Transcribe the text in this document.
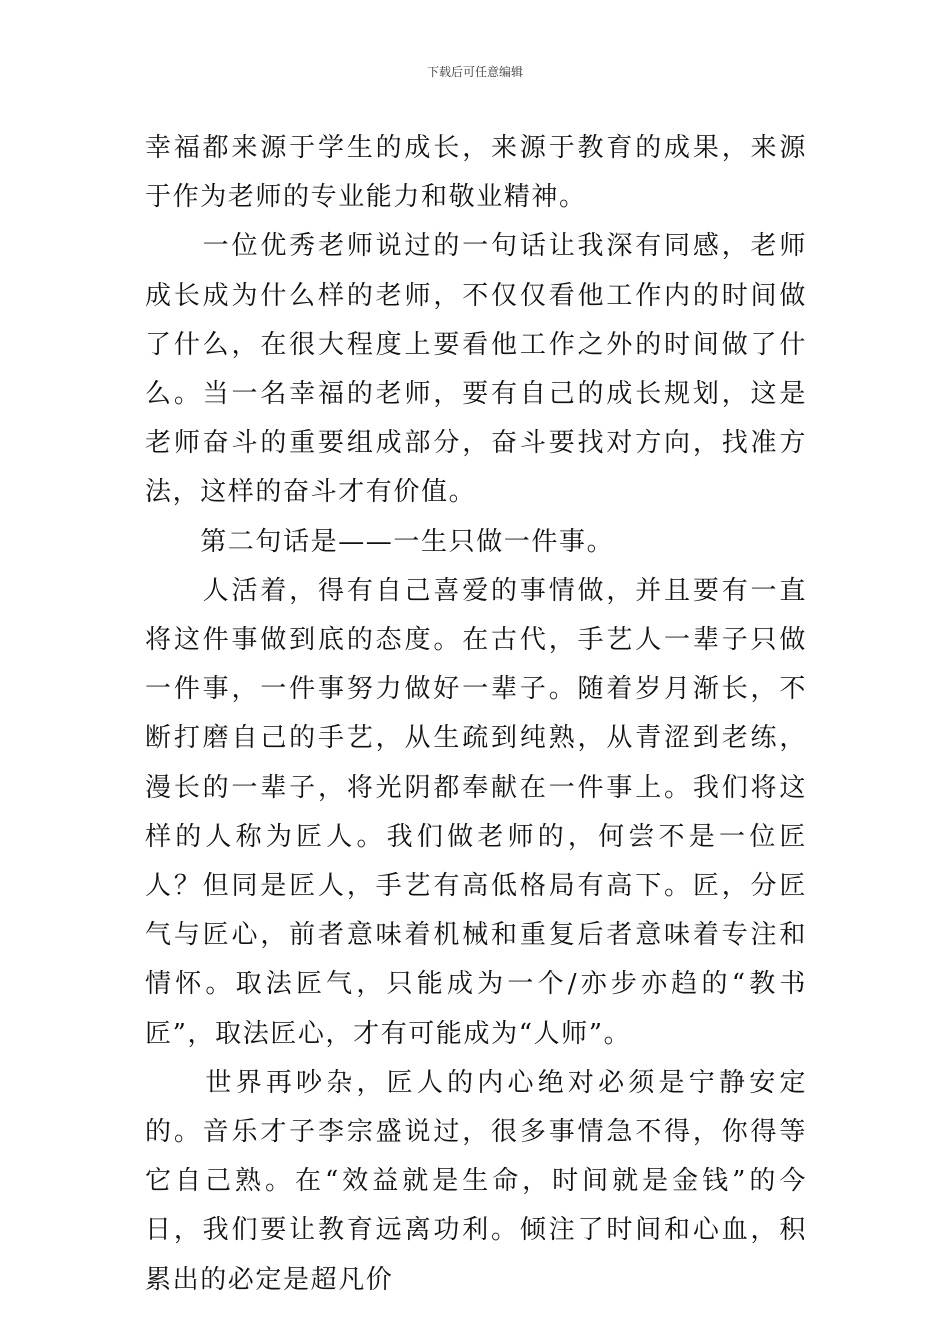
下载后可任意编辑

幸福都来源于学生的成长，来源于教育的成果，来源于作为老师的专业能力和敬业精神。

　　一位优秀老师说过的一句话让我深有同感，老师成长成为什么样的老师，不仅仅看他工作内的时间做了什么，在很大程度上要看他工作之外的时间做了什么。当一名幸福的老师，要有自己的成长规划，这是老师奋斗的重要组成部分，奋斗要找对方向，找准方法，这样的奋斗才有价值。

　　第二句话是——一生只做一件事。

　　人活着，得有自己喜爱的事情做，并且要有一直将这件事做到底的态度。在古代，手艺人一辈子只做一件事，一件事努力做好一辈子。随着岁月渐长，不断打磨自己的手艺，从生疏到纯熟，从青涩到老练，漫长的一辈子，将光阴都奉献在一件事上。我们将这样的人称为匠人。我们做老师的，何尝不是一位匠人？但同是匠人，手艺有高低格局有高下。匠，分匠气与匠心，前者意味着机械和重复后者意味着专注和情怀。取法匠气，只能成为一个/亦步亦趋的“教书匠”，取法匠心，才有可能成为“人师”。

　　世界再吵杂，匠人的内心绝对必须是宁静安定的。音乐才子李宗盛说过，很多事情急不得，你得等它自己熟。在“效益就是生命，时间就是金钱”的今日，我们要让教育远离功利。倾注了时间和心血，积累出的必定是超凡价
